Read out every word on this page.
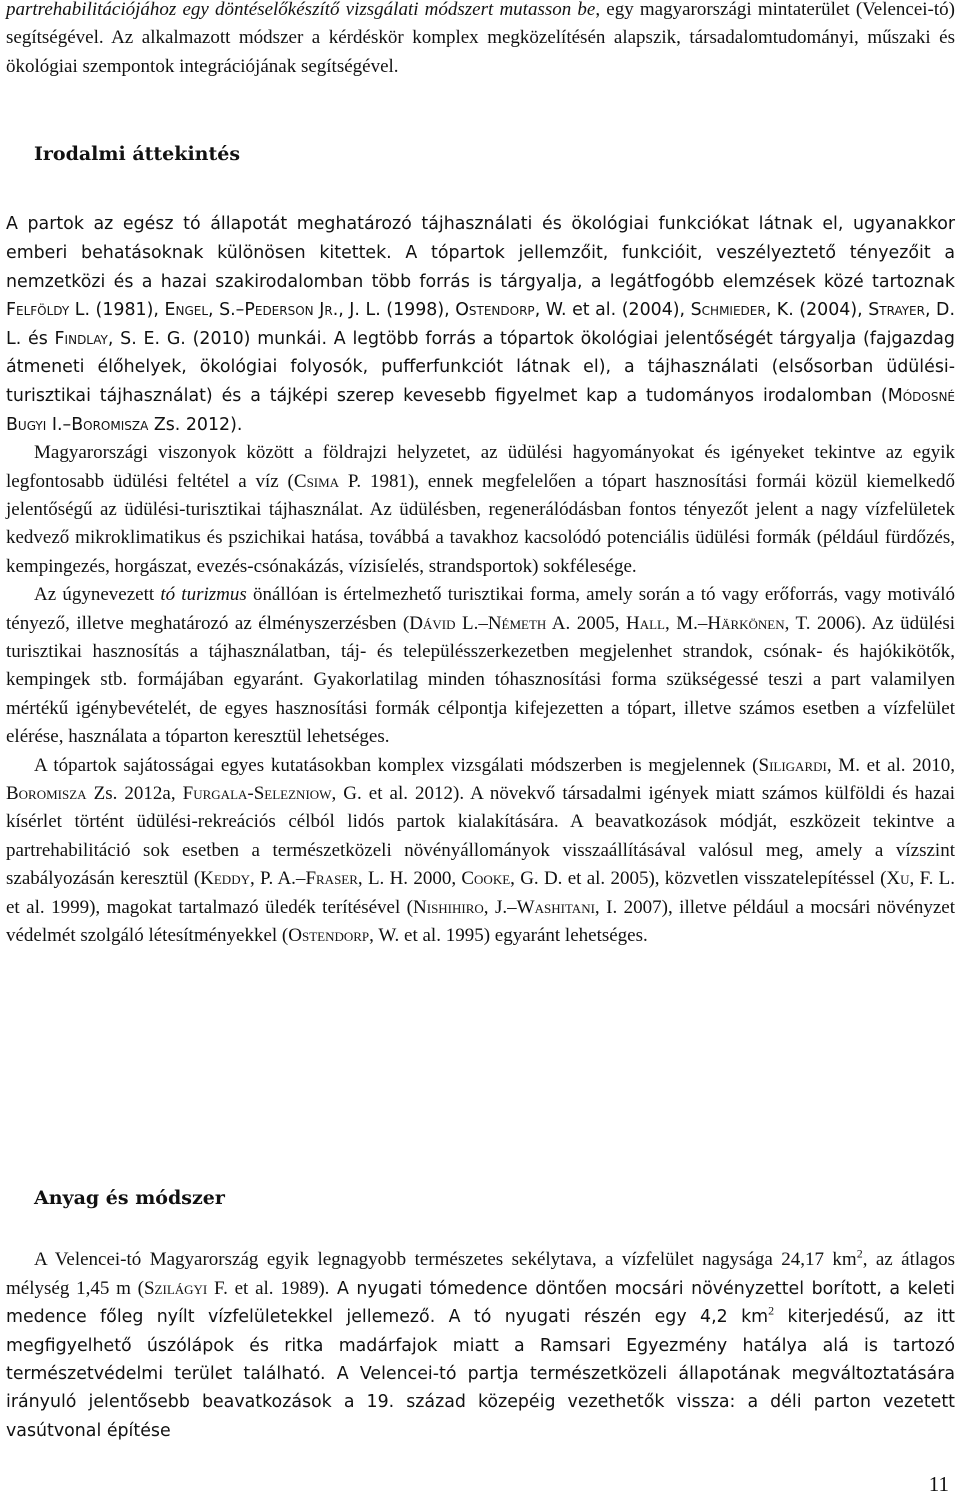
partrehabilitációjához egy döntéselőkészítő vizsgálati módszert mutasson be, egy magyarországi mintaterület (Velencei-tó) segítségével. Az alkalmazott módszer a kérdéskör komplex megközelítésén alapszik, társadalomtudományi, műszaki és ökológiai szempontok integrációjának segítségével.

Irodalmi áttekintés

A partok az egész tó állapotát meghatározó tájhasználati és ökológiai funkciókat látnak el, ugyanakkor emberi behatásoknak különösen kitettek. A tópartok jellemzőit, funkcióit, veszélyeztető tényezőit a nemzetközi és a hazai szakirodalomban több forrás is tárgyalja, a legátfogóbb elemzések közé tartoznak Felföldy L. (1981), Engel, S.–Pederson Jr., J. L. (1998), Ostendorp, W. et al. (2004), Schmieder, K. (2004), Strayer, D. L. és Findlay, S. E. G. (2010) munkái. A legtöbb forrás a tópartok ökológiai jelentőségét tárgyalja (fajgazdag átmeneti élőhelyek, ökológiai folyosók, pufferfunkciót látnak el), a tájhasználati (elsősorban üdülési-turisztikai tájhasználat) és a tájképi szerep kevesebb figyelmet kap a tudományos irodalomban (Módosné Bugyi I.–Boromisza Zs. 2012).

Magyarországi viszonyok között a földrajzi helyzetet, az üdülési hagyományokat és igényeket tekintve az egyik legfontosabb üdülési feltétel a víz (Csima P. 1981), ennek megfelelően a tópart hasznosítási formái közül kiemelkedő jelentőségű az üdülési-turisztikai tájhasználat. Az üdülésben, regenerálódásban fontos tényezőt jelent a nagy vízfelületek kedvező mikroklimatikus és pszichikai hatása, továbbá a tavakhoz kacsolódó potenciális üdülési formák (például fürdőzés, kempingezés, horgászat, evezés-csónakázás, vízisíelés, strandsportok) sokfélesége.

Az úgynevezett tó turizmus önállóan is értelmezhető turisztikai forma, amely során a tó vagy erőforrás, vagy motiváló tényező, illetve meghatározó az élményszerzésben (Dávid L.–Németh A. 2005, Hall, M.–Härkönen, T. 2006). Az üdülési turisztikai hasznosítás a tájhasználatban, táj- és településszerkezetben megjelenhet strandok, csónak- és hajókikötők, kempingek stb. formájában egyaránt. Gyakorlatilag minden tóhasznosítási forma szükségessé teszi a part valamilyen mértékű igénybevételét, de egyes hasznosítási formák célpontja kifejezetten a tópart, illetve számos esetben a vízfelület elérése, használata a tóparton keresztül lehetséges.

A tópartok sajátosságai egyes kutatásokban komplex vizsgálati módszerben is megjelennek (Siligardi, M. et al. 2010, Boromisza Zs. 2012a, Furgala-Selezniow, G. et al. 2012). A növekvő társadalmi igények miatt számos külföldi és hazai kísérlet történt üdülési-rekreációs célból lidós partok kialakítására. A beavatkozások módját, eszközeit tekintve a partrehabilitáció sok esetben a természetközeli növényállományok visszaállításával valósul meg, amely a vízszint szabályozásán keresztül (Keddy, P. A.–Fraser, L. H. 2000, Cooke, G. D. et al. 2005), közvetlen visszatelepítéssel (Xu, F. L. et al. 1999), magokat tartalmazó üledék terítésével (Nishihiro, J.–Washitani, I. 2007), illetve például a mocsári növényzet védelmét szolgáló létesítményekkel (Ostendorp, W. et al. 1995) egyaránt lehetséges.

Anyag és módszer

A Velencei-tó Magyarország egyik legnagyobb természetes sekélytava, a vízfelület nagysága 24,17 $km^2$, az átlagos mélység 1,45 m (Szilágyi F. et al. 1989). A nyugati tómedence döntően mocsári növényzettel borított, a keleti medence főleg nyílt vízfelületekkel jellemező. A tó nyugati részén egy 4,2 $km^2$ kiterjedésű, az itt megfigyelhető úszólápok és ritka madárfajok miatt a Ramsari Egyezmény hatálya alá is tartozó természetvédelmi terület található. A Velencei-tó partja természetközeli állapotának megváltoztatására irányuló jelentősebb beavatkozások a 19. század közepéig vezethetők vissza: a déli parton vezetett vasútvonal építése

11
